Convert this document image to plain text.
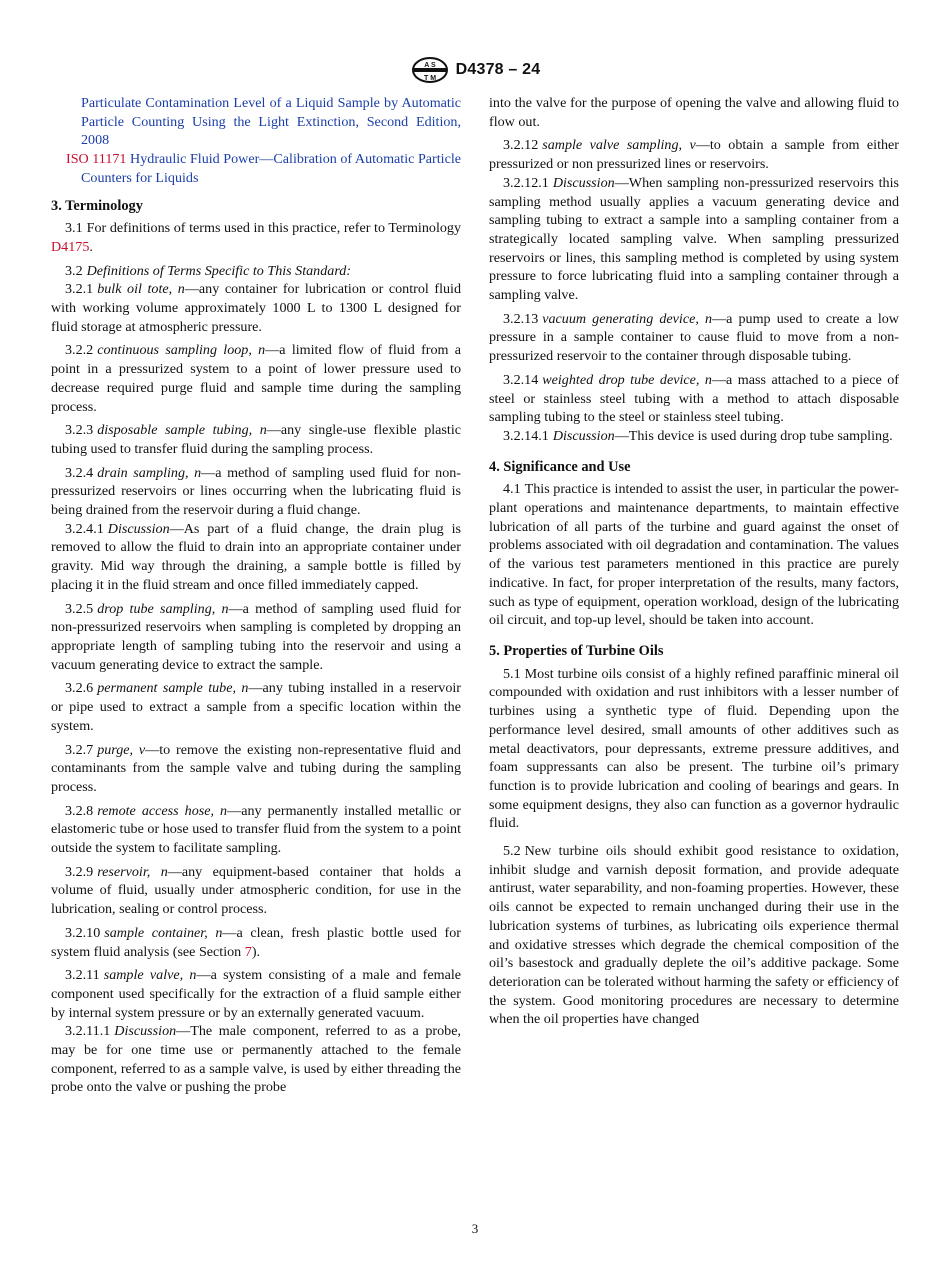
A S
T M
D4378 – 24

Particulate Contamination Level of a Liquid Sample by Automatic Particle Counting Using the Light Extinction, Second Edition, 2008

ISO 11171 Hydraulic Fluid Power—Calibration of Automatic Particle Counters for Liquids

3. Terminology

3.1 For definitions of terms used in this practice, refer to Terminology D4175.

3.2 Definitions of Terms Specific to This Standard:

3.2.1 bulk oil tote, n—any container for lubrication or control fluid with working volume approximately 1000 L to 1300 L designed for fluid storage at atmospheric pressure.

3.2.2 continuous sampling loop, n—a limited flow of fluid from a point in a pressurized system to a point of lower pressure used to decrease required purge fluid and sample time during the sampling process.

3.2.3 disposable sample tubing, n—any single-use flexible plastic tubing used to transfer fluid during the sampling process.

3.2.4 drain sampling, n—a method of sampling used fluid for non-pressurized reservoirs or lines occurring when the lubricating fluid is being drained from the reservoir during a fluid change.

3.2.4.1 Discussion—As part of a fluid change, the drain plug is removed to allow the fluid to drain into an appropriate container under gravity. Mid way through the draining, a sample bottle is filled by placing it in the fluid stream and once filled immediately capped.

3.2.5 drop tube sampling, n—a method of sampling used fluid for non-pressurized reservoirs when sampling is completed by dropping an appropriate length of sampling tubing into the reservoir and using a vacuum generating device to extract the sample.

3.2.6 permanent sample tube, n—any tubing installed in a reservoir or pipe used to extract a sample from a specific location within the system.

3.2.7 purge, v—to remove the existing non-representative fluid and contaminants from the sample valve and tubing during the sampling process.

3.2.8 remote access hose, n—any permanently installed metallic or elastomeric tube or hose used to transfer fluid from the system to a point outside the system to facilitate sampling.

3.2.9 reservoir, n—any equipment-based container that holds a volume of fluid, usually under atmospheric condition, for use in the lubrication, sealing or control process.

3.2.10 sample container, n—a clean, fresh plastic bottle used for system fluid analysis (see Section 7).

3.2.11 sample valve, n—a system consisting of a male and female component used specifically for the extraction of a fluid sample either by internal system pressure or by an externally generated vacuum.

3.2.11.1 Discussion—The male component, referred to as a probe, may be for one time use or permanently attached to the female component, referred to as a sample valve, is used by either threading the probe onto the valve or pushing the probe

into the valve for the purpose of opening the valve and allowing fluid to flow out.

3.2.12 sample valve sampling, v—to obtain a sample from either pressurized or non pressurized lines or reservoirs.

3.2.12.1 Discussion—When sampling non-pressurized reservoirs this sampling method usually applies a vacuum generating device and sampling tubing to extract a sample into a sampling container from a strategically located sampling valve. When sampling pressurized reservoirs or lines, this sampling method is completed by using system pressure to force lubricating fluid into a sampling container through a sampling valve.

3.2.13 vacuum generating device, n—a pump used to create a low pressure in a sample container to cause fluid to move from a non-pressurized reservoir to the container through disposable tubing.

3.2.14 weighted drop tube device, n—a mass attached to a piece of steel or stainless steel tubing with a method to attach disposable sampling tubing to the steel or stainless steel tubing.

3.2.14.1 Discussion—This device is used during drop tube sampling.

4. Significance and Use

4.1 This practice is intended to assist the user, in particular the power-plant operations and maintenance departments, to maintain effective lubrication of all parts of the turbine and guard against the onset of problems associated with oil degradation and contamination. The values of the various test parameters mentioned in this practice are purely indicative. In fact, for proper interpretation of the results, many factors, such as type of equipment, operation workload, design of the lubricating oil circuit, and top-up level, should be taken into account.

5. Properties of Turbine Oils

5.1 Most turbine oils consist of a highly refined paraffinic mineral oil compounded with oxidation and rust inhibitors with a lesser number of turbines using a synthetic type of fluid. Depending upon the performance level desired, small amounts of other additives such as metal deactivators, pour depressants, extreme pressure additives, and foam suppressants can also be present. The turbine oil’s primary function is to provide lubrication and cooling of bearings and gears. In some equipment designs, they also can function as a governor hydraulic fluid.

5.2 New turbine oils should exhibit good resistance to oxidation, inhibit sludge and varnish deposit formation, and provide adequate antirust, water separability, and non-foaming properties. However, these oils cannot be expected to remain unchanged during their use in the lubrication systems of turbines, as lubricating oils experience thermal and oxidative stresses which degrade the chemical composition of the oil’s basestock and gradually deplete the oil’s additive package. Some deterioration can be tolerated without harming the safety or efficiency of the system. Good monitoring procedures are necessary to determine when the oil properties have changed

3
